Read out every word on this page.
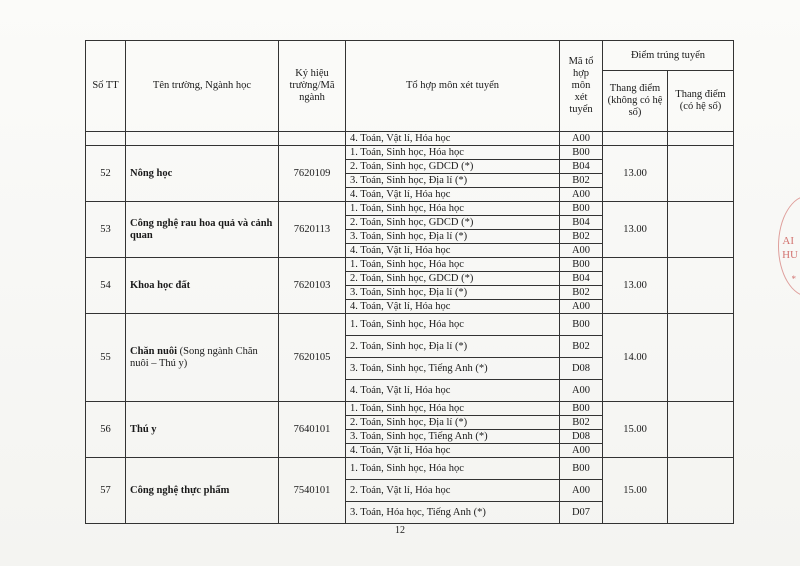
Số TT	Tên trường, Ngành học	Ký hiệu trường/Mã ngành	Tổ hợp môn xét tuyển	Mã tổ hợp môn xét tuyển	Điểm trúng tuyển	
					Thang điểm (không có hệ số)	Thang điểm (có hệ số)
			4. Toán, Vật lí, Hóa học	A00		
52	Nông học	7620109	1. Toán, Sinh học, Hóa học	B00	13.00	
			2. Toán, Sinh học, GDCD (*)	B04		
			3. Toán, Sinh học, Địa lí (*)	B02		
			4. Toán, Vật lí, Hóa học	A00		
53	Công nghệ rau hoa quả và cảnh quan	7620113	1. Toán, Sinh học, Hóa học	B00	13.00	
			2. Toán, Sinh học, GDCD (*)	B04		
			3. Toán, Sinh học, Địa lí (*)	B02		
			4. Toán, Vật lí, Hóa học	A00		
54	Khoa học đất	7620103	1. Toán, Sinh học, Hóa học	B00	13.00	
			2. Toán, Sinh học, GDCD (*)	B04		
			3. Toán, Sinh học, Địa lí (*)	B02		
			4. Toán, Vật lí, Hóa học	A00		
55	Chăn nuôi (Song ngành Chăn nuôi – Thú y)	7620105	1. Toán, Sinh học, Hóa học	B00	14.00	
			2. Toán, Sinh học, Địa lí (*)	B02		
			3. Toán, Sinh học, Tiếng Anh (*)	D08		
			4. Toán, Vật lí, Hóa học	A00		
56	Thú y	7640101	1. Toán, Sinh học, Hóa học	B00	15.00	
			2. Toán, Sinh học, Địa lí (*)	B02		
			3. Toán, Sinh học, Tiếng Anh (*)	D08		
			4. Toán, Vật lí, Hóa học	A00		
57	Công nghệ thực phẩm	7540101	1. Toán, Sinh học, Hóa học	B00	15.00	
			2. Toán, Vật lí, Hóa học	A00		
			3. Toán, Hóa học, Tiếng Anh (*)	D07		
12
AI
HU
*
